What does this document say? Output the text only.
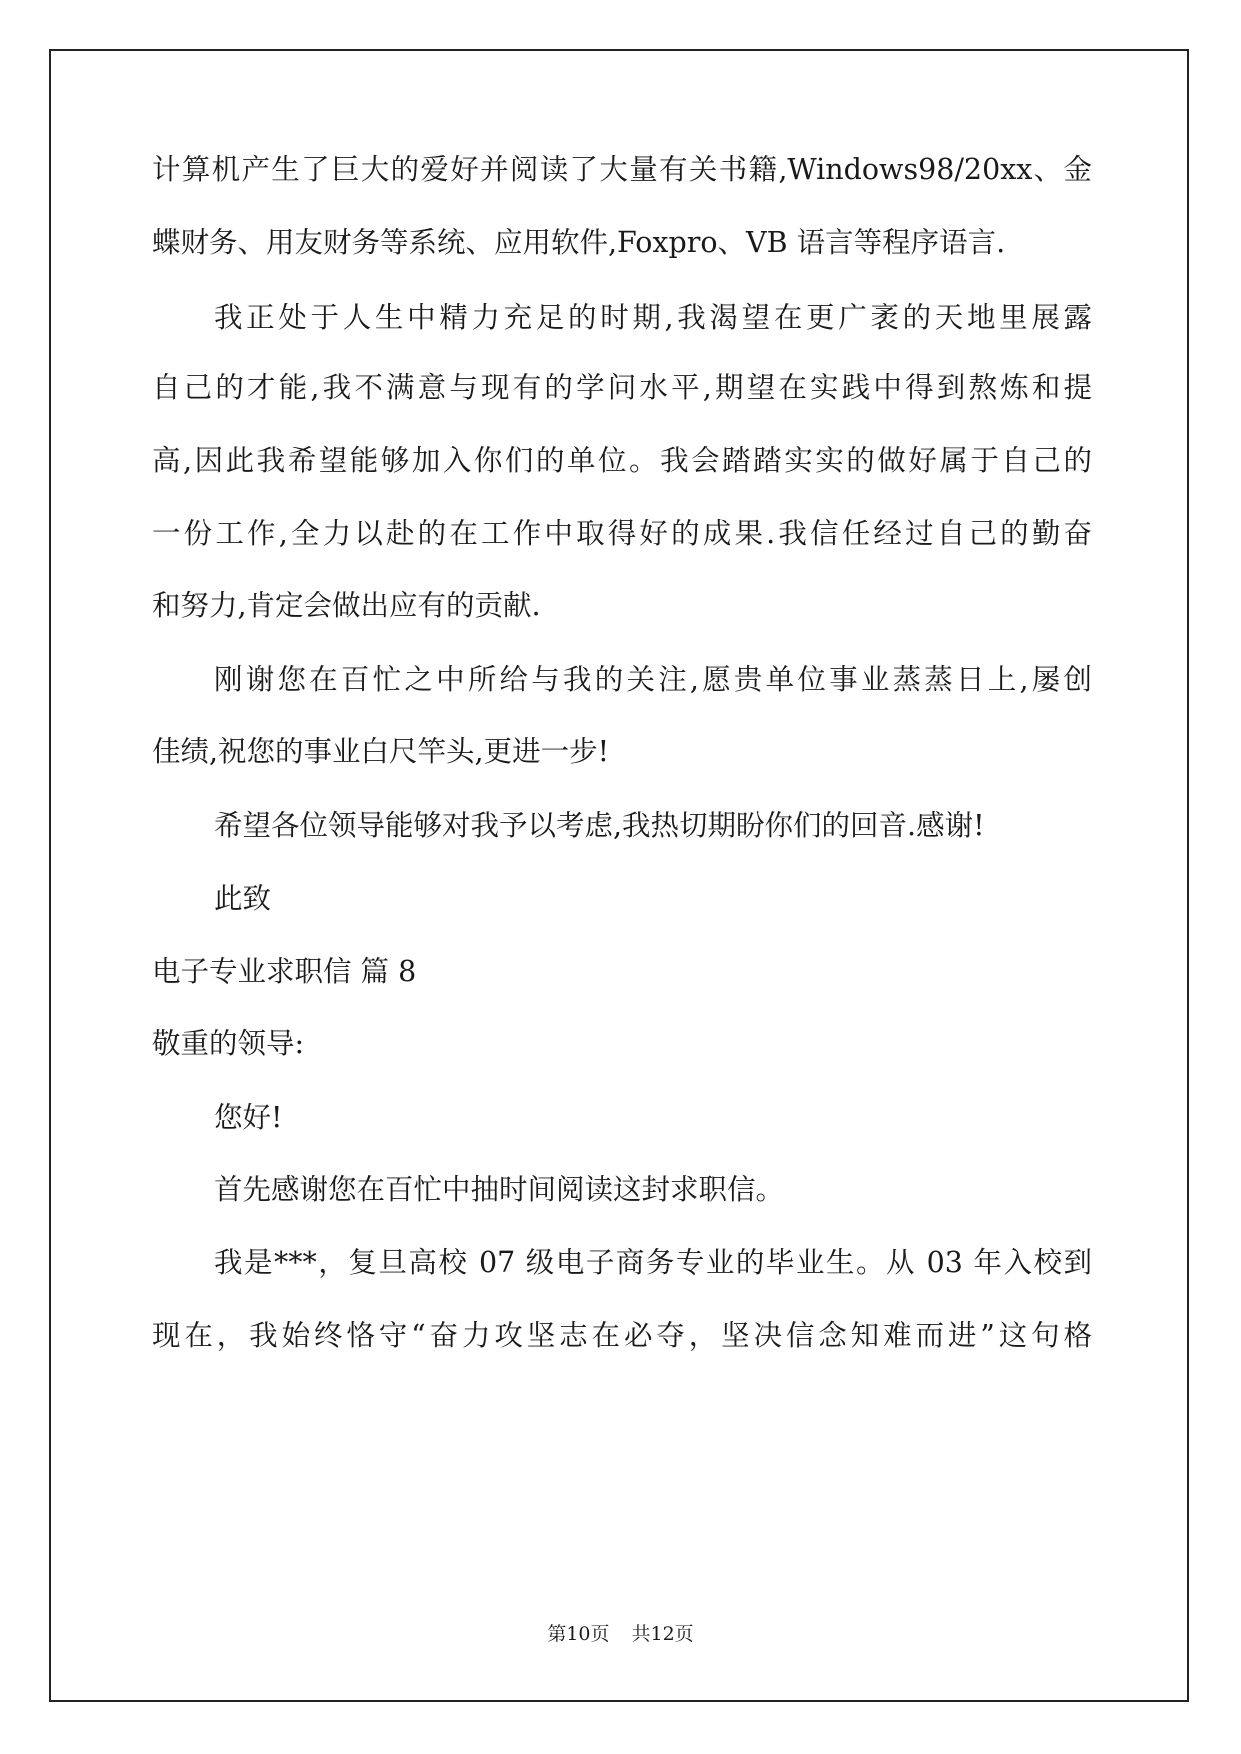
计算机产生了巨大的爱好并阅读了大量有关书籍,Windows98/20xx、金
蝶财务、用友财务等系统、应用软件,Foxpro、VB 语言等程序语言.
我正处于人生中精力充足的时期,我渴望在更广袤的天地里展露
自己的才能,我不满意与现有的学问水平,期望在实践中得到熬炼和提
高,因此我希望能够加入你们的单位。我会踏踏实实的做好属于自己的
一份工作,全力以赴的在工作中取得好的成果.我信任经过自己的勤奋
和努力,肯定会做出应有的贡献.
刚谢您在百忙之中所给与我的关注,愿贵单位事业蒸蒸日上,屡创
佳绩,祝您的事业白尺竿头,更进一步!
希望各位领导能够对我予以考虑,我热切期盼你们的回音.感谢!
此致
电子专业求职信 篇 8
敬重的领导:
您好!
首先感谢您在百忙中抽时间阅读这封求职信。
我是***，复旦高校 07 级电子商务专业的毕业生。从 03 年入校到
现在，我始终恪守“奋力攻坚志在必夺，坚决信念知难而进”这句格
第10页 共12页
